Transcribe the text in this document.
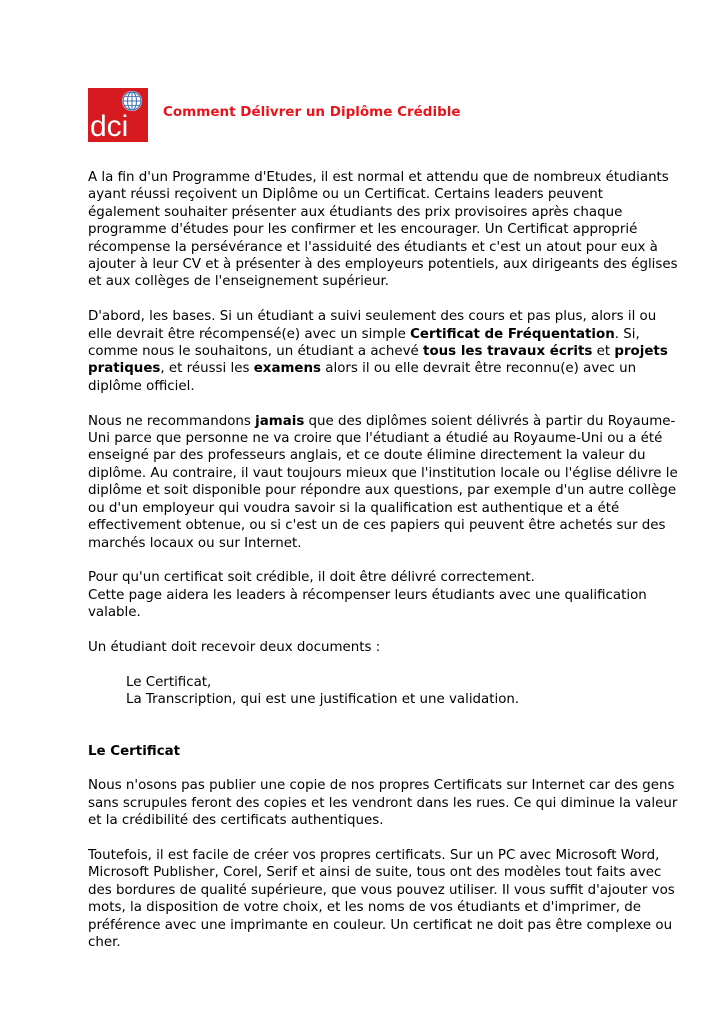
dci	Comment Délivrer un Diplôme Crédible

A la fin d'un Programme d'Etudes, il est normal et attendu que de nombreux étudiants ayant réussi reçoivent un Diplôme ou un Certificat. Certains leaders peuvent également souhaiter présenter aux étudiants des prix provisoires après chaque programme d'études pour les confirmer et les encourager. Un Certificat approprié récompense la persévérance et l'assiduité des étudiants et c'est un atout pour eux à ajouter à leur CV et à présenter à des employeurs potentiels, aux dirigeants des églises et aux collèges de l'enseignement supérieur.

D'abord, les bases. Si un étudiant a suivi seulement des cours et pas plus, alors il ou elle devrait être récompensé(e) avec un simple Certificat de Fréquentation. Si, comme nous le souhaitons, un étudiant a achevé tous les travaux écrits et projets pratiques, et réussi les examens alors il ou elle devrait être reconnu(e) avec un diplôme officiel.

Nous ne recommandons jamais que des diplômes soient délivrés à partir du Royaume-Uni parce que personne ne va croire que l'étudiant a étudié au Royaume-Uni ou a été enseigné par des professeurs anglais, et ce doute élimine directement la valeur du diplôme. Au contraire, il vaut toujours mieux que l'institution locale ou l'église délivre le diplôme et soit disponible pour répondre aux questions, par exemple d'un autre collège ou d'un employeur qui voudra savoir si la qualification est authentique et a été effectivement obtenue, ou si c'est un de ces papiers qui peuvent être achetés sur des marchés locaux ou sur Internet.

Pour qu'un certificat soit crédible, il doit être délivré correctement.

Cette page aidera les leaders à récompenser leurs étudiants avec une qualification valable.

Un étudiant doit recevoir deux documents :

Le Certificat,
La Transcription, qui est une justification et une validation.

Le Certificat

Nous n'osons pas publier une copie de nos propres Certificats sur Internet car des gens sans scrupules feront des copies et les vendront dans les rues. Ce qui diminue la valeur et la crédibilité des certificats authentiques.

Toutefois, il est facile de créer vos propres certificats. Sur un PC avec Microsoft Word, Microsoft Publisher, Corel, Serif et ainsi de suite, tous ont des modèles tout faits avec des bordures de qualité supérieure, que vous pouvez utiliser. Il vous suffit d'ajouter vos mots, la disposition de votre choix, et les noms de vos étudiants et d'imprimer, de préférence avec une imprimante en couleur. Un certificat ne doit pas être complexe ou cher.
